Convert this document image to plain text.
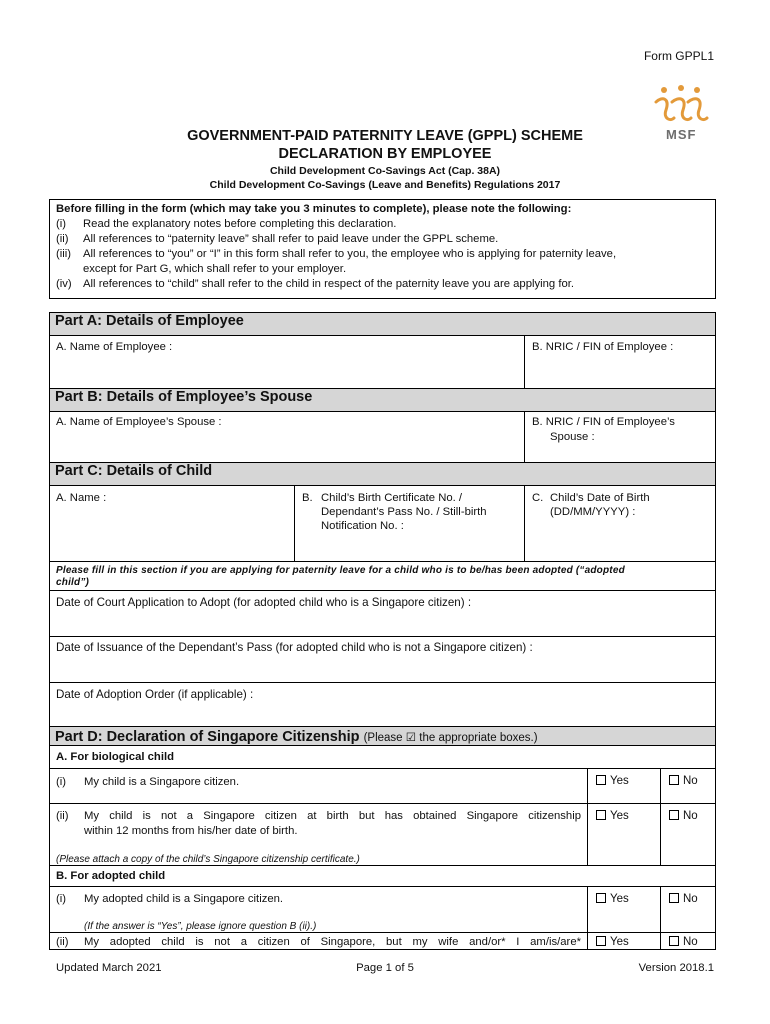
Form GPPL1
MSF
GOVERNMENT-PAID PATERNITY LEAVE (GPPL) SCHEME
DECLARATION BY EMPLOYEE
Child Development Co-Savings Act (Cap. 38A)
Child Development Co-Savings (Leave and Benefits) Regulations 2017
Before filling in the form (which may take you 3 minutes to complete), please note the following:
(i)	Read the explanatory notes before completing this declaration.
(ii)	All references to “paternity leave” shall refer to paid leave under the GPPL scheme.
(iii)	All references to “you” or “I” in this form shall refer to you, the employee who is applying for paternity leave,
except for Part G, which shall refer to your employer.
(iv)	All references to “child” shall refer to the child in respect of the paternity leave you are applying for.
Part A: Details of Employee
A. Name of Employee :	B. NRIC / FIN of Employee :
Part B: Details of Employee’s Spouse
A. Name of Employee’s Spouse :	B. NRIC / FIN of Employee’s
Spouse :
Part C: Details of Child
A. Name :	B. Child’s Birth Certificate No. /
Dependant’s Pass No. / Still-birth
Notification No. :
C. Child’s Date of Birth
(DD/MM/YYYY) :
Please fill in this section if you are applying for paternity leave for a child who is to be/has been adopted (“adopted
child”)
Date of Court Application to Adopt (for adopted child who is a Singapore citizen) :
Date of Issuance of the Dependant’s Pass (for adopted child who is not a Singapore citizen) :
Date of Adoption Order (if applicable) :
Part D: Declaration of Singapore Citizenship (Please ☑ the appropriate boxes.)
A. For biological child
(i) My child is a Singapore citizen.	Yes	No
(ii) My child is not a Singapore citizen at birth but has obtained Singapore citizenship
within 12 months from his/her date of birth.
(Please attach a copy of the child’s Singapore citizenship certificate.)
Yes	No
B. For adopted child
(i) My adopted child is a Singapore citizen.
(If the answer is “Yes”, please ignore question B (ii).)
Yes	No
(ii) My adopted child is not a citizen of Singapore, but my wife and/or* I am/is/are*	Yes	No
Updated March 2021	Page 1 of 5	Version 2018.1
